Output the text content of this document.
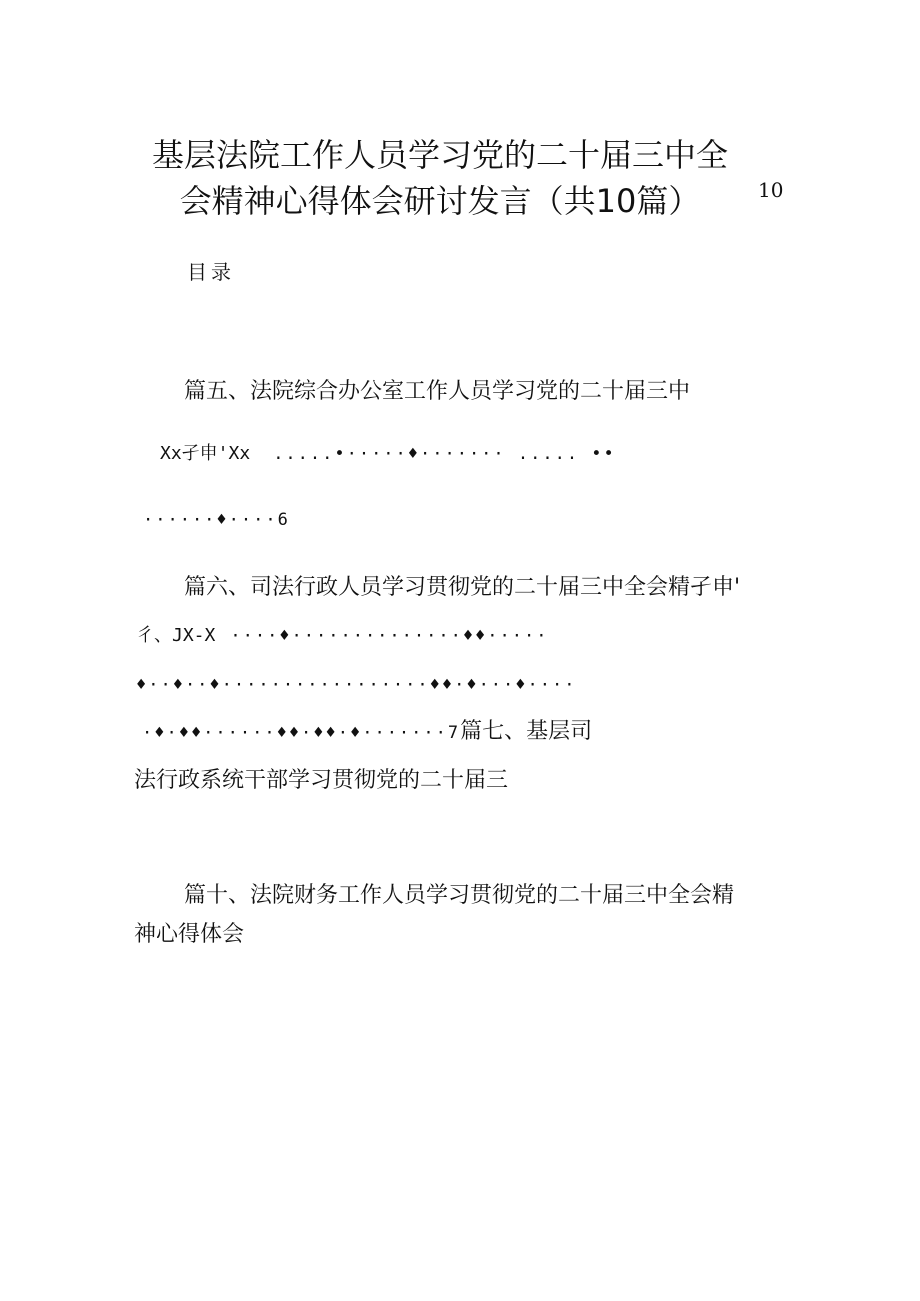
基层法院工作人员学习党的二十届三中全
会精神心得体会研讨发言（共10篇）	10
目录
篇五、法院综合办公室工作人员学习党的二十届三中
Xx孑申'Xx .....•·····♦······· ..... ••
······♦····6
篇六、司法行政人员学习贯彻党的二十届三中全会精孑申'
彳、JX-X ····♦··············♦♦·····
♦··♦··♦·················♦♦·♦···♦····
·♦·♦♦······♦♦·♦♦·♦·······7篇七、基层司
法行政系统干部学习贯彻党的二十届三
篇十、法院财务工作人员学习贯彻党的二十届三中全会精
神心得体会
